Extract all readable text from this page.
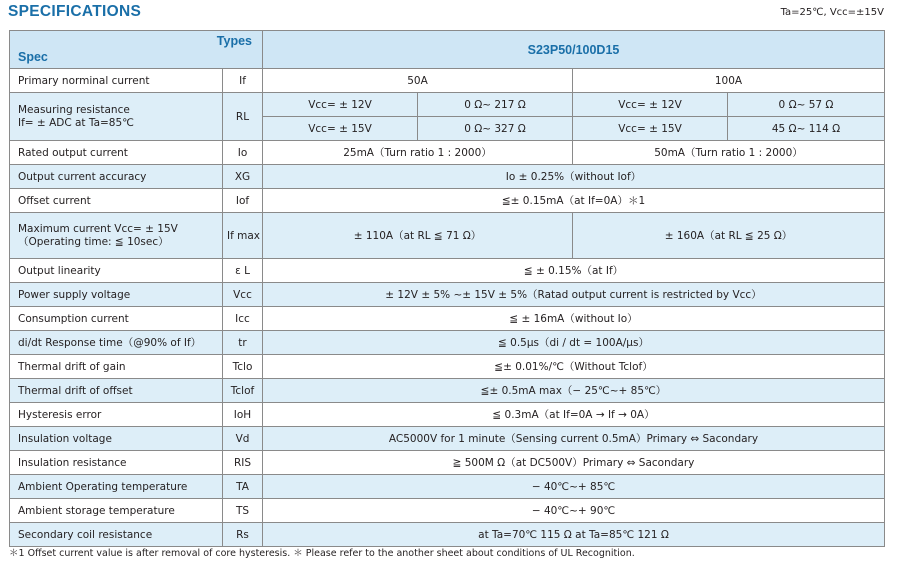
SPECIFICATIONS	Ta=25℃, Vcc=±15V
Types
Spec		S23P50/100D15			
Primary norminal current	If	50A		100A	

Measuring resistance
If= ± ADC at Ta=85℃	RL	Vcc= ± 12V	0 Ω~ 217 Ω	Vcc= ± 12V	0 Ω~ 57 Ω
		Vcc= ± 15V	0 Ω~ 327 Ω	Vcc= ± 15V	45 Ω~ 114 Ω
Rated output current	Io	25mA（Turn ratio 1 : 2000）		50mA（Turn ratio 1 : 2000）	
Output current accuracy	XG	Io ± 0.25%（without Iof）			
Offset current	Iof	≦± 0.15mA（at If=0A）＊1			

Maximum current Vcc= ± 15V
（Operating time: ≦ 10sec）	If max	± 110A（at RL ≦ 71 Ω）		± 160A（at RL ≦ 25 Ω）	
Output linearity	ε L	≦ ± 0.15%（at If）			
Power supply voltage	Vcc	± 12V ± 5% ~± 15V ± 5%（Ratad output current is restricted by Vcc）			
Consumption current	Icc	≦ ± 16mA（without Io）			
di/dt Response time（@90% of If）	tr	≦ 0.5μs（di / dt = 100A/μs）			
Thermal drift of gain	Tclo	≦± 0.01%/℃（Without Tclof）			
Thermal drift of offset	Tclof	≦± 0.5mA max（− 25℃~+ 85℃）			
Hysteresis error	IoH	≦ 0.3mA（at If=0A → If → 0A）			
Insulation voltage	Vd	AC5000V for 1 minute（Sensing current 0.5mA）Primary ⇔ Sacondary			
Insulation resistance	RIS	≧ 500M Ω（at DC500V）Primary ⇔ Sacondary			
Ambient Operating temperature	TA	− 40℃~+ 85℃			
Ambient storage temperature	TS	− 40℃~+ 90℃			
Secondary coil resistance	Rs	at Ta=70℃ 115 Ω at Ta=85℃ 121 Ω			
＊1 Offset current value is after removal of core hysteresis. ＊ Please refer to the another sheet about conditions of UL Recognition.
